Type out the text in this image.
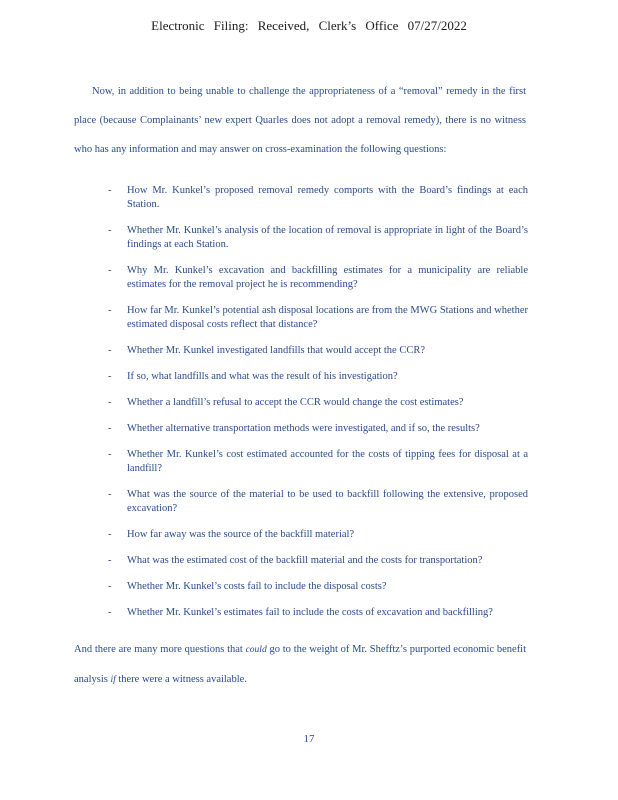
Electronic Filing: Received, Clerk’s Office 07/27/2022

Now, in addition to being unable to challenge the appropriateness of a “removal” remedy in the first place (because Complainants’ new expert Quarles does not adopt a removal remedy), there is no witness who has any information and may answer on cross-examination the following questions:

- How Mr. Kunkel’s proposed removal remedy comports with the Board’s findings at each Station.
- Whether Mr. Kunkel’s analysis of the location of removal is appropriate in light of the Board’s findings at each Station.
- Why Mr. Kunkel’s excavation and backfilling estimates for a municipality are reliable estimates for the removal project he is recommending?
- How far Mr. Kunkel’s potential ash disposal locations are from the MWG Stations and whether estimated disposal costs reflect that distance?
- Whether Mr. Kunkel investigated landfills that would accept the CCR?
- If so, what landfills and what was the result of his investigation?
- Whether a landfill’s refusal to accept the CCR would change the cost estimates?
- Whether alternative transportation methods were investigated, and if so, the results?
- Whether Mr. Kunkel’s cost estimated accounted for the costs of tipping fees for disposal at a landfill?
- What was the source of the material to be used to backfill following the extensive, proposed excavation?
- How far away was the source of the backfill material?
- What was the estimated cost of the backfill material and the costs for transportation?
- Whether Mr. Kunkel’s costs fail to include the disposal costs?
- Whether Mr. Kunkel’s estimates fail to include the costs of excavation and backfilling?

And there are many more questions that could go to the weight of Mr. Shefftz’s purported economic benefit analysis if there were a witness available.

17
